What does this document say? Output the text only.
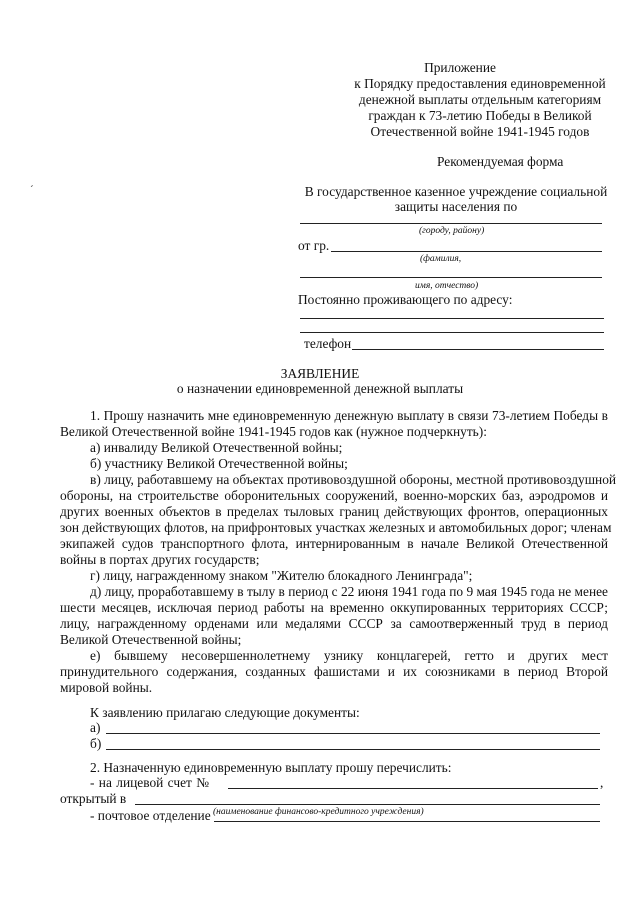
ˊ
Приложение
к Порядку предоставления единовременной
денежной выплаты отдельным категориям
граждан к 73-летию Победы в Великой
Отечественной войне 1941-1945 годов
Рекомендуемая форма
В государственное казенное учреждение социальной
защиты населения по
(городу, району)
от гр.
(фамилия,
имя, отчество)
Постоянно проживающего по адресу:
телефон
ЗАЯВЛЕНИЕ
о назначении единовременной денежной выплаты
1. Прошу назначить мне единовременную денежную выплату в связи 73-летием Победы в
Великой Отечественной войне 1941-1945 годов как (нужное подчеркнуть):
а) инвалиду Великой Отечественной войны;
б) участнику Великой Отечественной войны;
в) лицу, работавшему на объектах противовоздушной обороны, местной противовоздушной
обороны, на строительстве оборонительных сооружений, военно-морских баз, аэродромов и
других военных объектов в пределах тыловых границ действующих фронтов, операционных
зон действующих флотов, на прифронтовых участках железных и автомобильных дорог; членам
экипажей судов транспортного флота, интернированным в начале Великой Отечественной
войны в портах других государств;
г) лицу, награжденному знаком "Жителю блокадного Ленинграда";
д) лицу, проработавшему в тылу в период с 22 июня 1941 года по 9 мая 1945 года не менее
шести месяцев, исключая период работы на временно оккупированных территориях СССР;
лицу, награжденному орденами или медалями СССР за самоотверженный труд в период
Великой Отечественной войны;
е) бывшему несовершеннолетнему узнику концлагерей, гетто и других мест
принудительного содержания, созданных фашистами и их союзниками в период Второй
мировой войны.
К заявлению прилагаю следующие документы:
а)
б)
2. Назначенную единовременную выплату прошу перечислить:
- на лицевой счет №	,
открытый в
(наименование финансово-кредитного учреждения)
- почтовое отделение
